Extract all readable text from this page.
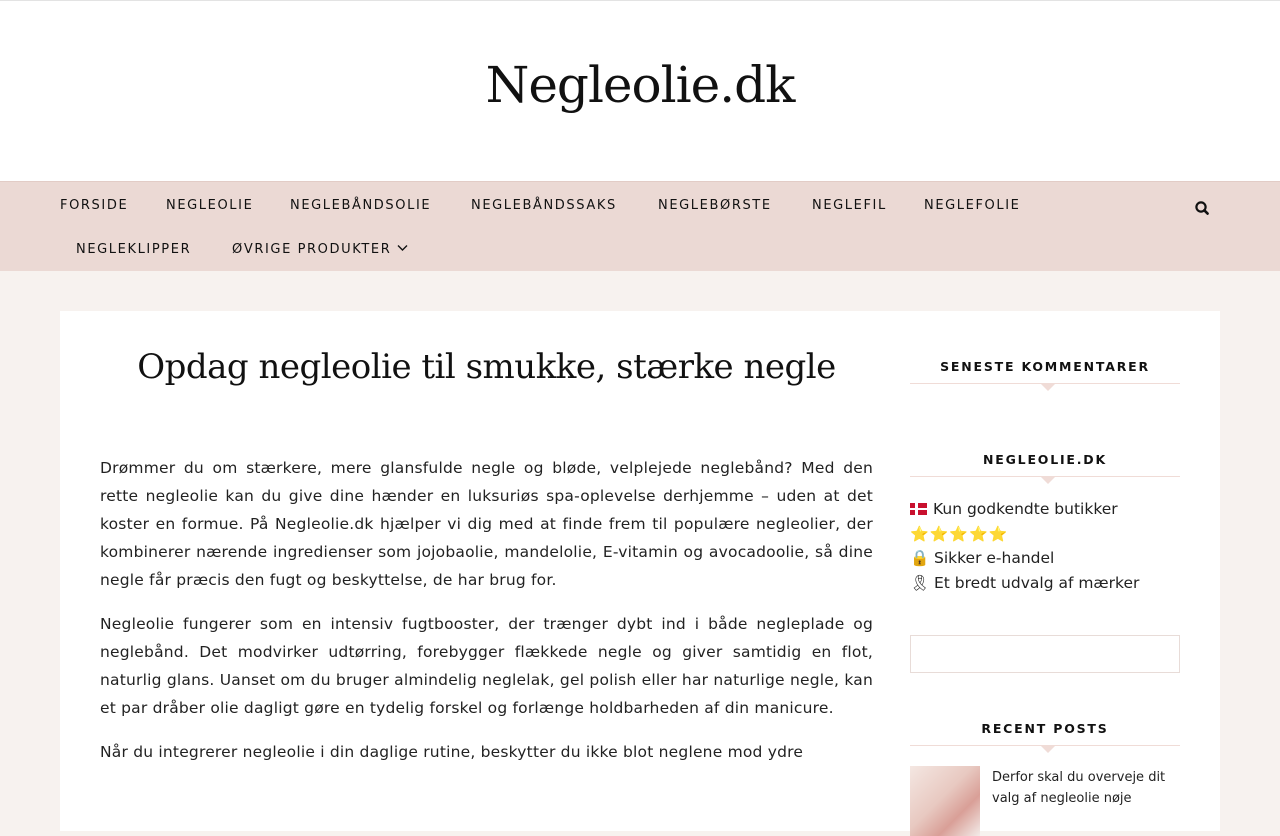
Negleolie.dk
FORSIDE	NEGLEOLIE	NEGLEBÅNDSOLIE	NEGLEBÅNDSSAKS	NEGLEBØRSTE	NEGLEFIL	NEGLEFOLIE
NEGLEKLIPPER	ØVRIGE PRODUKTER
Opdag negleolie til smukke, stærke negle

Drømmer du om stærkere, mere glansfulde negle og bløde, velplejede neglebånd? Med den rette negleolie kan du give dine hænder en luksuriøs spa-oplevelse derhjemme – uden at det koster en formue. På Negleolie.dk hjælper vi dig med at finde frem til populære negleolier, der kombinerer nærende ingredienser som jojobaolie, mandelolie, E-vitamin og avocadoolie, så dine negle får præcis den fugt og beskyttelse, de har brug for.

Negleolie fungerer som en intensiv fugtbooster, der trænger dybt ind i både negleplade og neglebånd. Det modvirker udtørring, forebygger flækkede negle og giver samtidig en flot, naturlig glans. Uanset om du bruger almindelig neglelak, gel polish eller har naturlige negle, kan et par dråber olie dagligt gøre en tydelig forskel og forlænge holdbarheden af din manicure.

Når du integrerer negleolie i din daglige rutine, beskytter du ikke blot neglene mod ydre

SENESTE KOMMENTARER
NEGLEOLIE.DK
Kun godkendte butikker
⭐⭐⭐⭐⭐
🔒 Sikker e-handel
🎗 Et bredt udvalg af mærker
RECENT POSTS
Derfor skal du overveje dit valg af negleolie nøje
